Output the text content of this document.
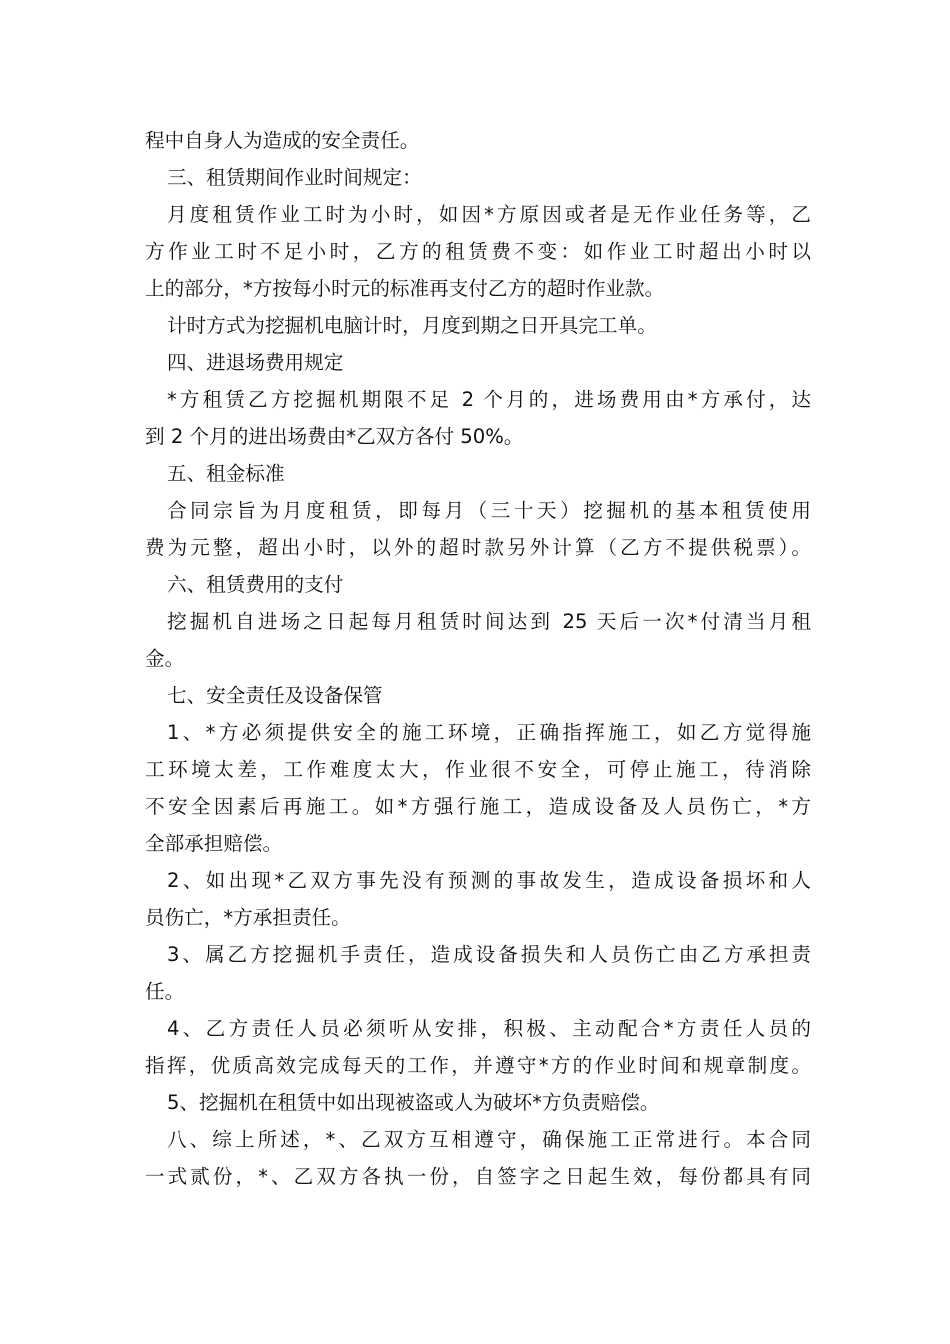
程中自身人为造成的安全责任。
三、租赁期间作业时间规定：
月度租赁作业工时为小时，如因*方原因或者是无作业任务等，乙
方作业工时不足小时，乙方的租赁费不变：如作业工时超出小时以
上的部分，*方按每小时元的标准再支付乙方的超时作业款。
计时方式为挖掘机电脑计时，月度到期之日开具完工单。
四、进退场费用规定
*方租赁乙方挖掘机期限不足 2 个月的，进场费用由*方承付，达
到 2 个月的进出场费由*乙双方各付 50%。
五、租金标准
合同宗旨为月度租赁，即每月（三十天）挖掘机的基本租赁使用
费为元整，超出小时，以外的超时款另外计算（乙方不提供税票）。
六、租赁费用的支付
挖掘机自进场之日起每月租赁时间达到 25 天后一次*付清当月租
金。
七、安全责任及设备保管
1、*方必须提供安全的施工环境，正确指挥施工，如乙方觉得施
工环境太差，工作难度太大，作业很不安全，可停止施工，待消除
不安全因素后再施工。如*方强行施工，造成设备及人员伤亡，*方
全部承担赔偿。
2、如出现*乙双方事先没有预测的事故发生，造成设备损坏和人
员伤亡，*方承担责任。
3、属乙方挖掘机手责任，造成设备损失和人员伤亡由乙方承担责
任。
4、乙方责任人员必须听从安排，积极、主动配合*方责任人员的
指挥，优质高效完成每天的工作，并遵守*方的作业时间和规章制度。
5、挖掘机在租赁中如出现被盗或人为破坏*方负责赔偿。
八、综上所述，*、乙双方互相遵守，确保施工正常进行。本合同
一式贰份，*、乙双方各执一份，自签字之日起生效，每份都具有同
